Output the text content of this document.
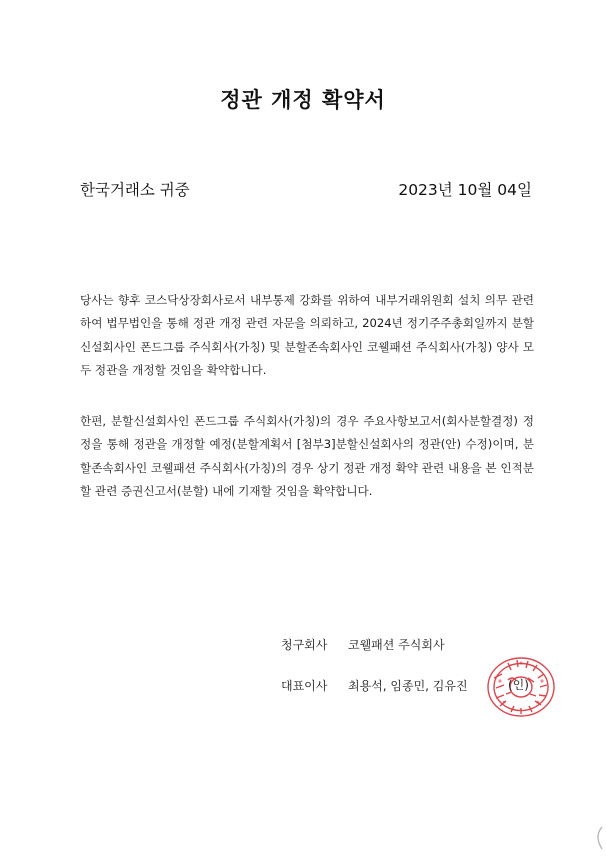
정관 개정 확약서
한국거래소 귀중	2023년 10월 04일
당사는 향후 코스닥상장회사로서 내부통제 강화를 위하여 내부거래위원회 설치 의무 관련하여 법무법인을 통해 정관 개정 관련 자문을 의뢰하고, 2024년 정기주주총회일까지 분할신설회사인 폰드그룹 주식회사(가칭) 및 분할존속회사인 코웰패션 주식회사(가칭) 양사 모두 정관을 개정할 것임을 확약합니다.
한편, 분할신설회사인 폰드그룹 주식회사(가칭)의 경우 주요사항보고서(회사분할결정) 정정을 통해 정관을 개정할 예정(분할계획서 [첨부3]분할신설회사의 정관(안) 수정)이며, 분할존속회사인 코웰패션 주식회사(가칭)의 경우 상기 정관 개정 확약 관련 내용을 본 인적분할 관련 증권신고서(분할) 내에 기재할 것임을 확약합니다.
청구회사 코웰패션 주식회사
대표이사 최용석, 임종민, 김유진	(인)
